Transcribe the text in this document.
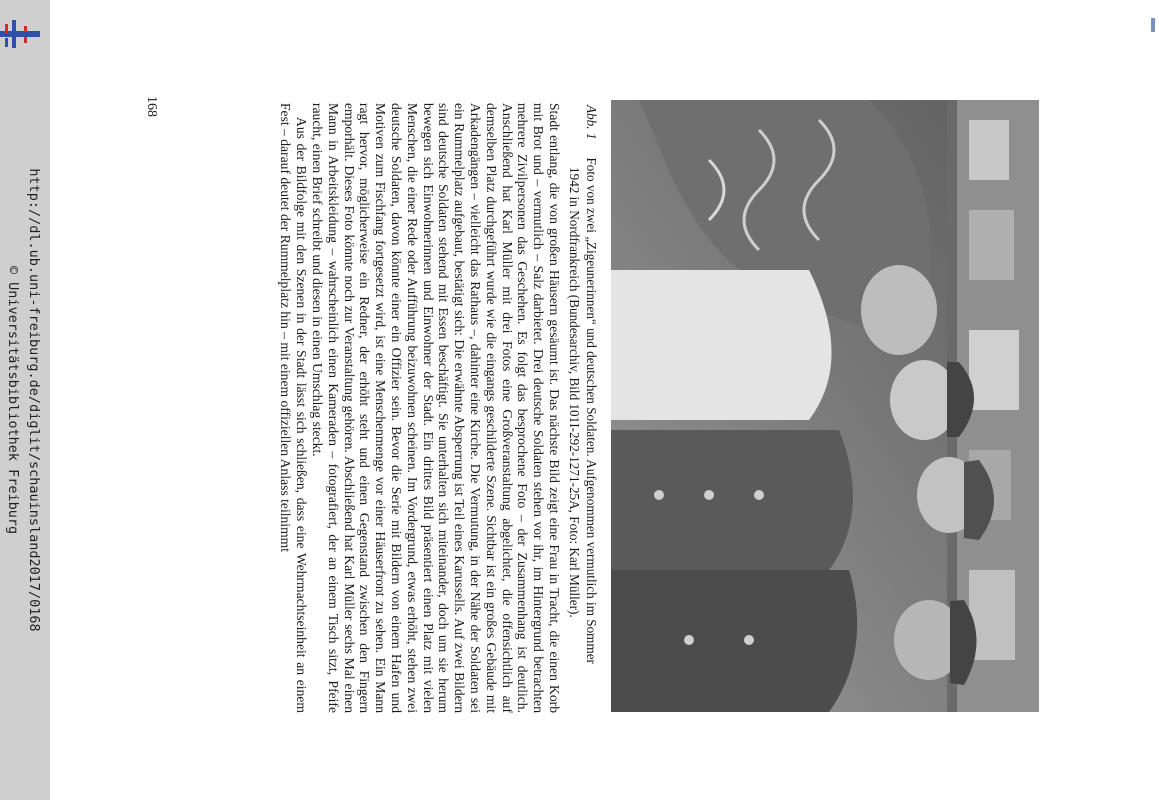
http://dl.ub.uni-freiburg.de/diglit/schauinsland2017/0168
© Universitätsbibliothek Freiburg
Abb. 1Foto von zwei „Zigeunerinnen“ und deutschen Soldaten. Aufgenommen vermutlich im Sommer
1942 in Nordfrankreich (Bundesarchiv, Bild 101I-292-1271-25A, Foto: Karl Müller).

Stadt entlang, die von großen Häusern gesäumt ist. Das nächste Bild zeigt eine Frau in Tracht, die einen Korb mit Brot und – vermutlich – Salz darbietet. Drei deutsche Soldaten stehen vor ihr, im Hintergrund betrachten mehrere Zivilpersonen das Geschehen. Es folgt das besprochene Foto – der Zusammenhang ist deutlich. Anschließend hat Karl Müller mit drei Fotos eine Großveranstaltung abgelichtet, die offensichtlich auf demselben Platz durchgeführt wurde wie die eingangs geschilderte Szene. Sichtbar ist ein großes Gebäude mit Arkadengängen – vielleicht das Rathaus –, dahinter eine Kirche. Die Vermutung, in der Nähe der Soldaten sei ein Rummelplatz aufgebaut, bestätigt sich: Die erwähnte Absperrung ist Teil eines Karussells. Auf zwei Bildern sind deutsche Soldaten stehend mit Essen beschäftigt. Sie unterhalten sich miteinander, doch um sie herum bewegen sich Einwohnerinnen und Einwohner der Stadt. Ein drittes Bild präsentiert einen Platz mit vielen Menschen, die einer Rede oder Aufführung beizuwohnen scheinen. Im Vordergrund, etwas erhöht, stehen zwei deutsche Soldaten, davon könnte einer ein Offizier sein. Bevor die Serie mit Bildern von einem Hafen und Motiven zum Fischfang fortgesetzt wird, ist eine Menschenmenge vor einer Häuserfront zu sehen. Ein Mann ragt hervor, möglicherweise ein Redner, der erhöht steht und einen Gegenstand zwischen den Fingern emporhält. Dieses Foto könnte noch zur Veranstaltung gehören. Abschließend hat Karl Müller sechs Mal einen Mann in Arbeitskleidung – wahrscheinlich einen Kameraden – fotografiert, der an einem Tisch sitzt, Pfeife raucht, einen Brief schreibt und diesen in einen Umschlag steckt.

Aus der Bildfolge mit den Szenen in der Stadt lässt sich schließen, dass eine Wehrmachtseinheit an einem Fest – darauf deutet der Rummelplatz hin – mit einem offiziellen Anlass teilnimmt

168
